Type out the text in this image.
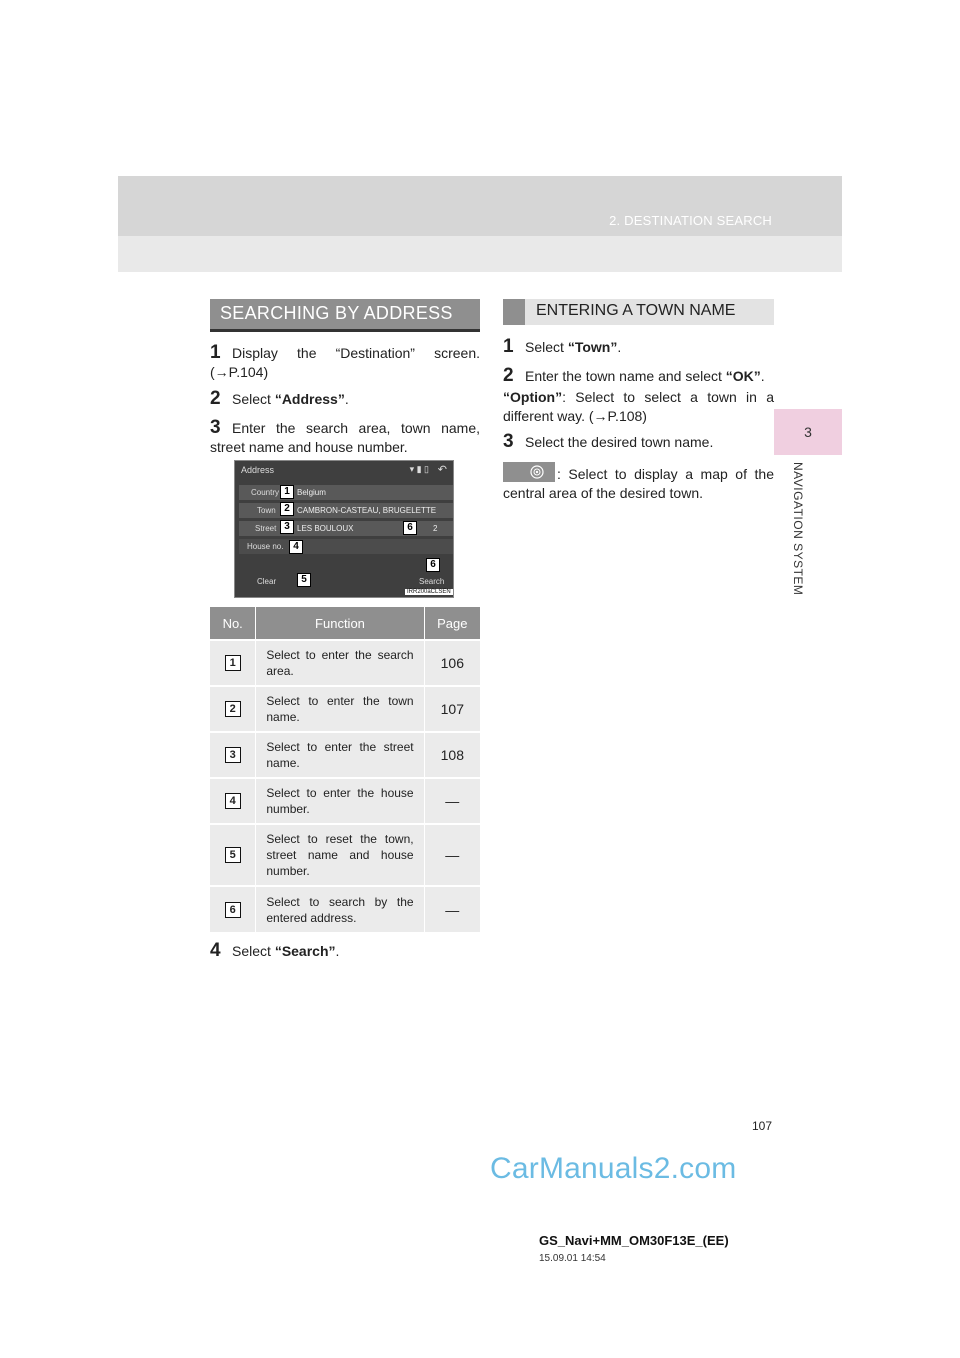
2. DESTINATION SEARCH
3
NAVIGATION SYSTEM
SEARCHING BY ADDRESS
1 Display the “Destination” screen. (→P.104)
2 Select “Address”.
3 Enter the search area, town name, street name and house number.
Address	▾ ▮ ▯ ↶
Country Belgium
Town	CAMBRON-CASTEAU, BRUGELETTE
Street	LES BOULOUX	2
House no.
Clear	Search
IRR200aCLSEN
1
2
3
4
5
6
6
No.	Function	Page
1	Select to enter the search area.	106
2	Select to enter the town name.	107
3	Select to enter the street name.	108
4	Select to enter the house number.	—
5	Select to reset the town, street name and house number.	—
6	Select to search by the entered address.	—
4 Select “Search”.
ENTERING A TOWN NAME
1 Select “Town”.
2 Enter the town name and select “OK”.
“Option”: Select to select a town in a different way. (→P.108)
3 Select the desired town name.
: Select to display a map of the central area of the desired town.
107
CarManuals2.com
GS_Navi+MM_OM30F13E_(EE)
15.09.01 14:54
